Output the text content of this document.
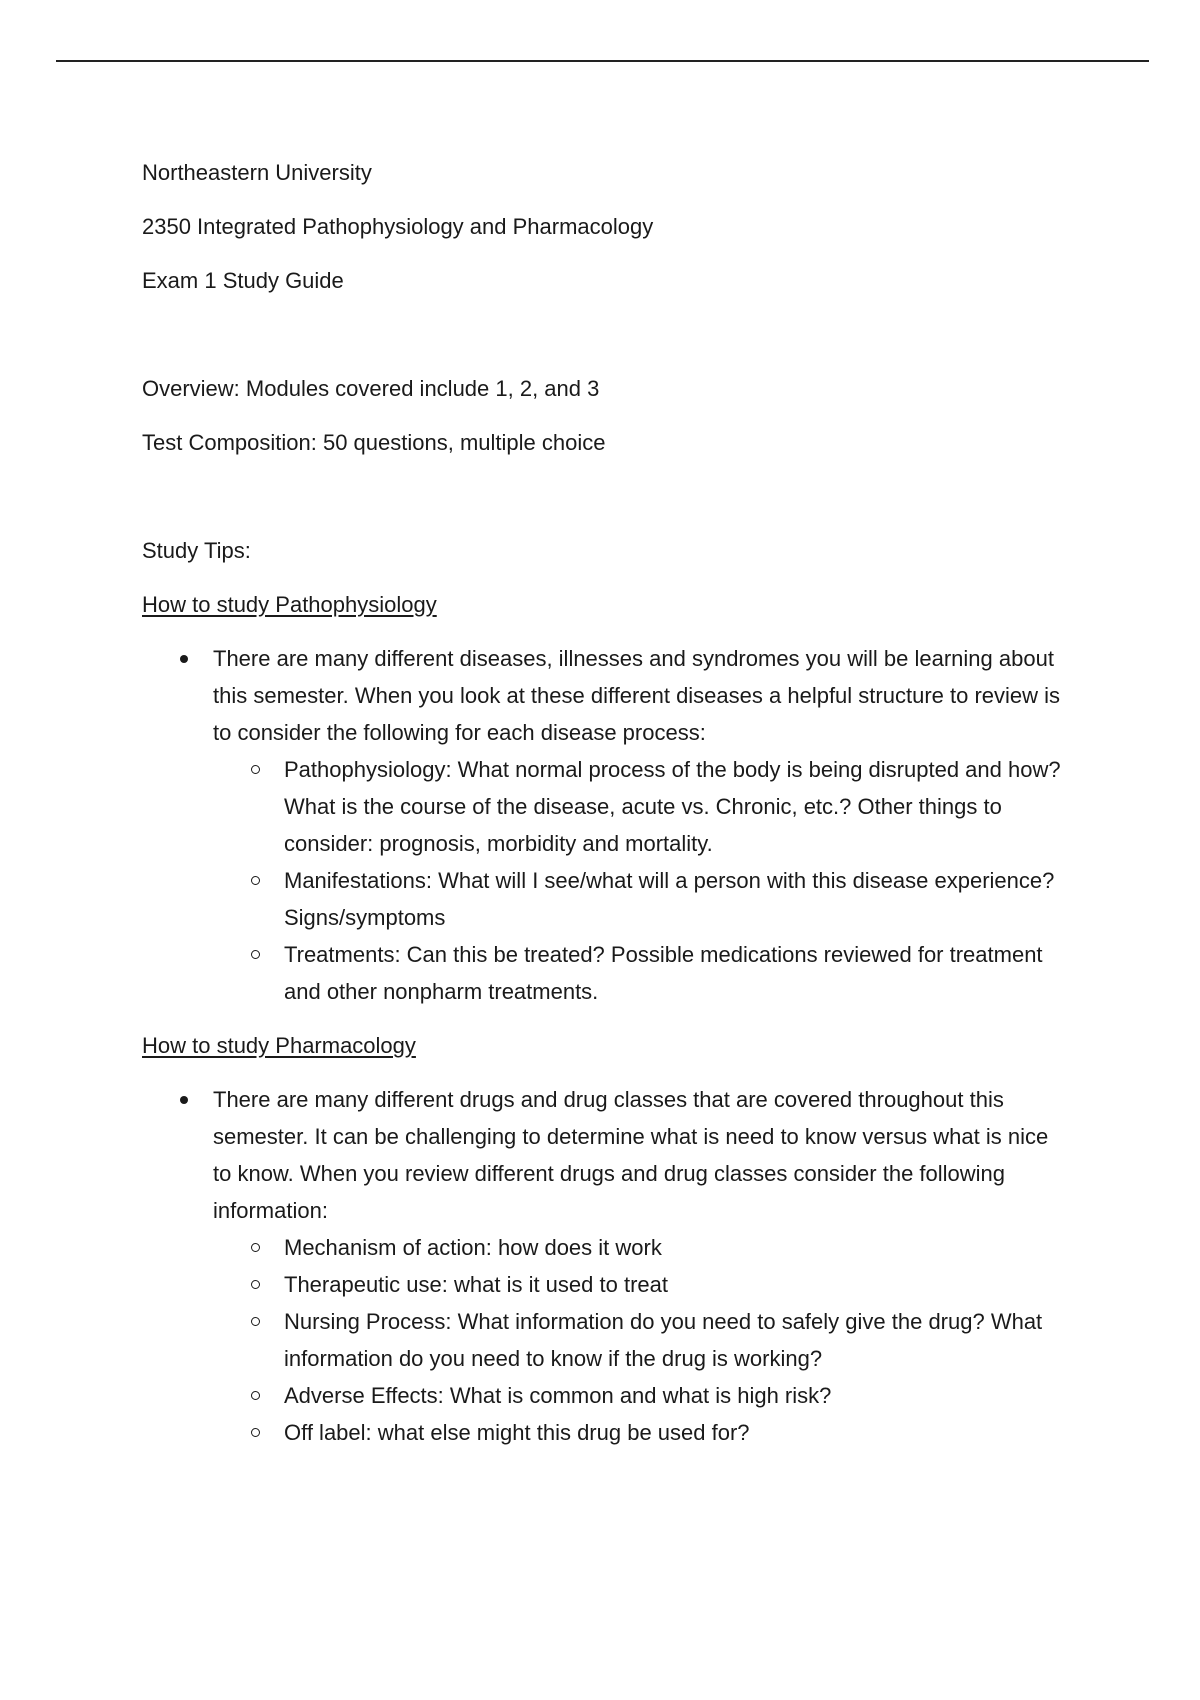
Northeastern University

2350 Integrated Pathophysiology and Pharmacology

Exam 1 Study Guide

Overview: Modules covered include 1, 2, and 3

Test Composition: 50 questions, multiple choice

Study Tips:

How to study Pathophysiology

There are many different diseases, illnesses and syndromes you will be learning about this semester. When you look at these different diseases a helpful structure to review is to consider the following for each disease process:
Pathophysiology: What normal process of the body is being disrupted and how? What is the course of the disease, acute vs. Chronic, etc.? Other things to consider: prognosis, morbidity and mortality.
Manifestations: What will I see/what will a person with this disease experience? Signs/symptoms
Treatments: Can this be treated? Possible medications reviewed for treatment and other nonpharm treatments.

How to study Pharmacology

There are many different drugs and drug classes that are covered throughout this semester. It can be challenging to determine what is need to know versus what is nice to know. When you review different drugs and drug classes consider the following information:
Mechanism of action: how does it work
Therapeutic use: what is it used to treat
Nursing Process: What information do you need to safely give the drug? What information do you need to know if the drug is working?
Adverse Effects: What is common and what is high risk?
Off label: what else might this drug be used for?
